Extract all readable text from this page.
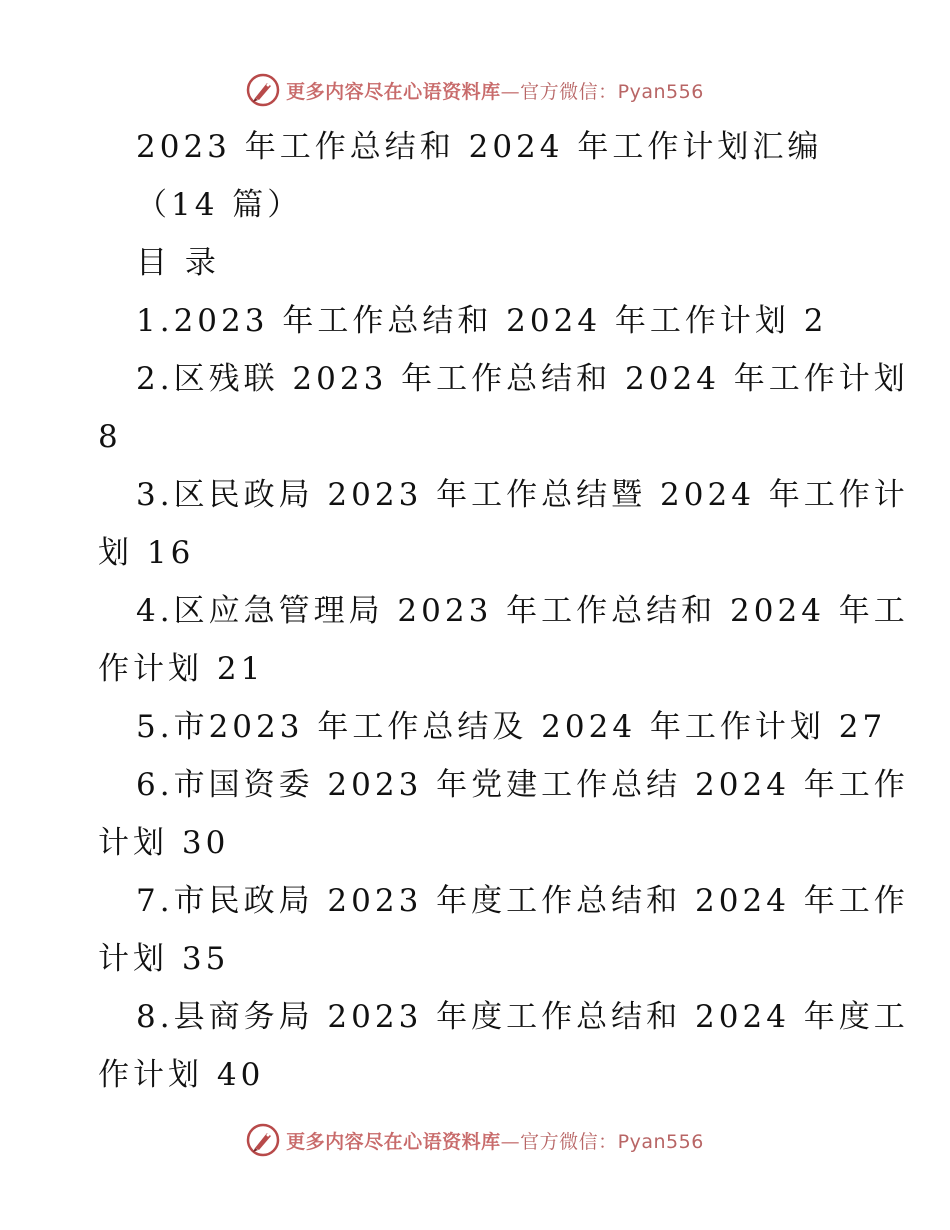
更多内容尽在心语资料库—官方微信：Pyan556
2023 年工作总结和 2024 年工作计划汇编
（14 篇）
目 录
1.2023 年工作总结和 2024 年工作计划 2
2.区残联 2023 年工作总结和 2024 年工作计划
8
3.区民政局 2023 年工作总结暨 2024 年工作计
划 16
4.区应急管理局 2023 年工作总结和 2024 年工
作计划 21
5.市2023 年工作总结及 2024 年工作计划 27
6.市国资委 2023 年党建工作总结 2024 年工作
计划 30
7.市民政局 2023 年度工作总结和 2024 年工作
计划 35
8.县商务局 2023 年度工作总结和 2024 年度工
作计划 40
更多内容尽在心语资料库—官方微信：Pyan556
